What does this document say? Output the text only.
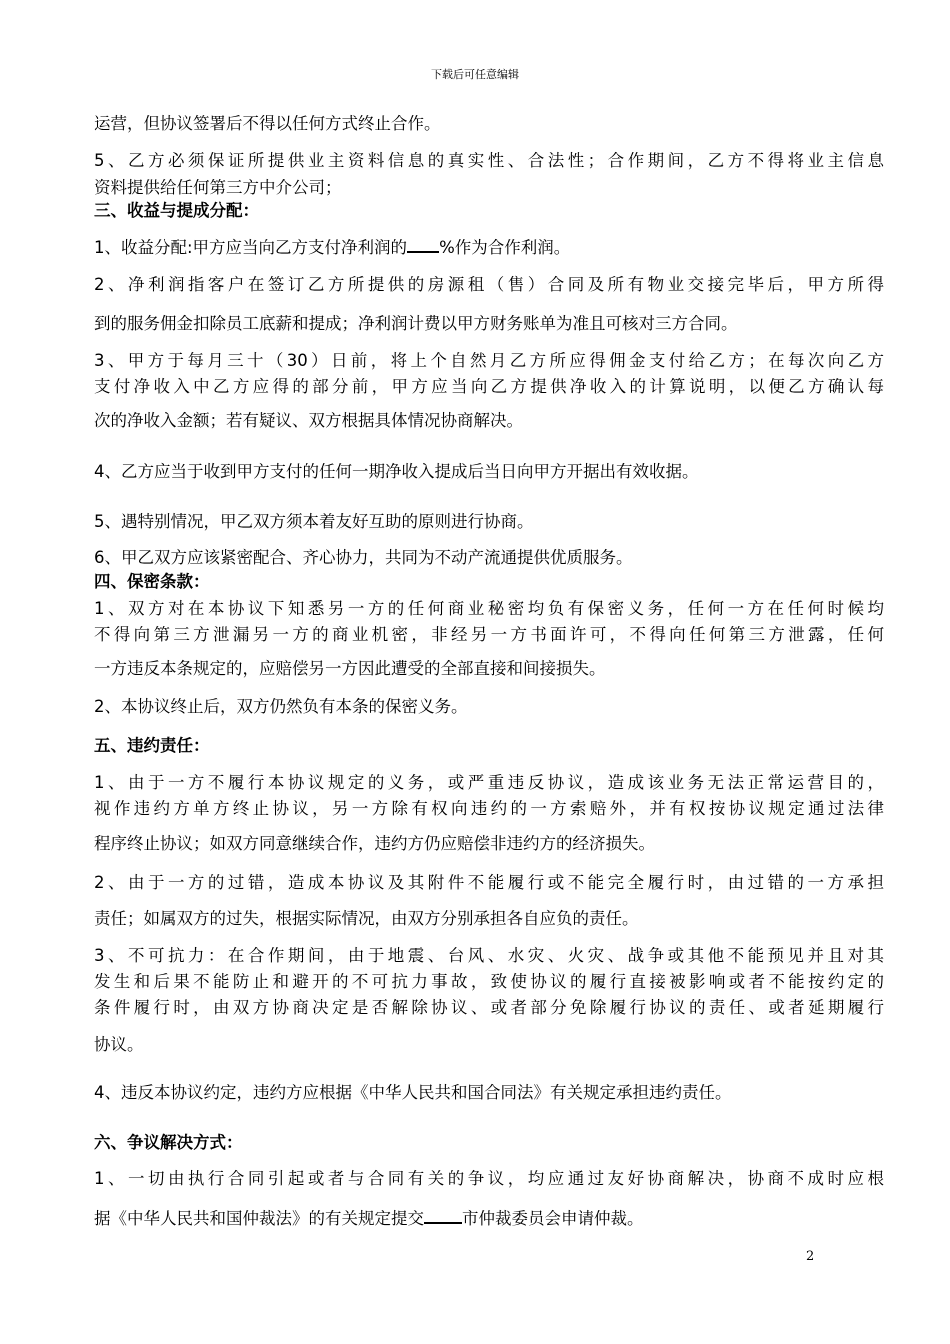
下载后可任意编辑
运营，但协议签署后不得以任何方式终止合作。
5、乙方必须保证所提供业主资料信息的真实性、合法性；合作期间，乙方不得将业主信息
资料提供给任何第三方中介公司；
三、收益与提成分配：
1、收益分配:甲方应当向乙方支付净利润的 %作为合作利润。
2、净利润指客户在签订乙方所提供的房源租（售）合同及所有物业交接完毕后，甲方所得
到的服务佣金扣除员工底薪和提成；净利润计费以甲方财务账单为准且可核对三方合同。
3、甲方于每月三十（30）日前，将上个自然月乙方所应得佣金支付给乙方；在每次向乙方
支付净收入中乙方应得的部分前，甲方应当向乙方提供净收入的计算说明，以便乙方确认每
次的净收入金额；若有疑议、双方根据具体情况协商解决。
4、乙方应当于收到甲方支付的任何一期净收入提成后当日向甲方开据出有效收据。
5、遇特别情况，甲乙双方须本着友好互助的原则进行协商。
6、甲乙双方应该紧密配合、齐心协力，共同为不动产流通提供优质服务。
四、保密条款：
1、双方对在本协议下知悉另一方的任何商业秘密均负有保密义务，任何一方在任何时候均
不得向第三方泄漏另一方的商业机密，非经另一方书面许可，不得向任何第三方泄露，任何
一方违反本条规定的，应赔偿另一方因此遭受的全部直接和间接损失。
2、本协议终止后，双方仍然负有本条的保密义务。
五、违约责任：
1、由于一方不履行本协议规定的义务，或严重违反协议，造成该业务无法正常运营目的，
视作违约方单方终止协议，另一方除有权向违约的一方索赔外，并有权按协议规定通过法律
程序终止协议；如双方同意继续合作，违约方仍应赔偿非违约方的经济损失。
2、由于一方的过错，造成本协议及其附件不能履行或不能完全履行时，由过错的一方承担
责任；如属双方的过失，根据实际情况，由双方分别承担各自应负的责任。
3、不可抗力：在合作期间，由于地震、台风、水灾、火灾、战争或其他不能预见并且对其
发生和后果不能防止和避开的不可抗力事故，致使协议的履行直接被影响或者不能按约定的
条件履行时，由双方协商决定是否解除协议、或者部分免除履行协议的责任、或者延期履行
协议。
4、违反本协议约定，违约方应根据《中华人民共和国合同法》有关规定承担违约责任。
六、争议解决方式：
1、一切由执行合同引起或者与合同有关的争议，均应通过友好协商解决，协商不成时应根
据《中华人民共和国仲裁法》的有关规定提交 市仲裁委员会申请仲裁。
2
